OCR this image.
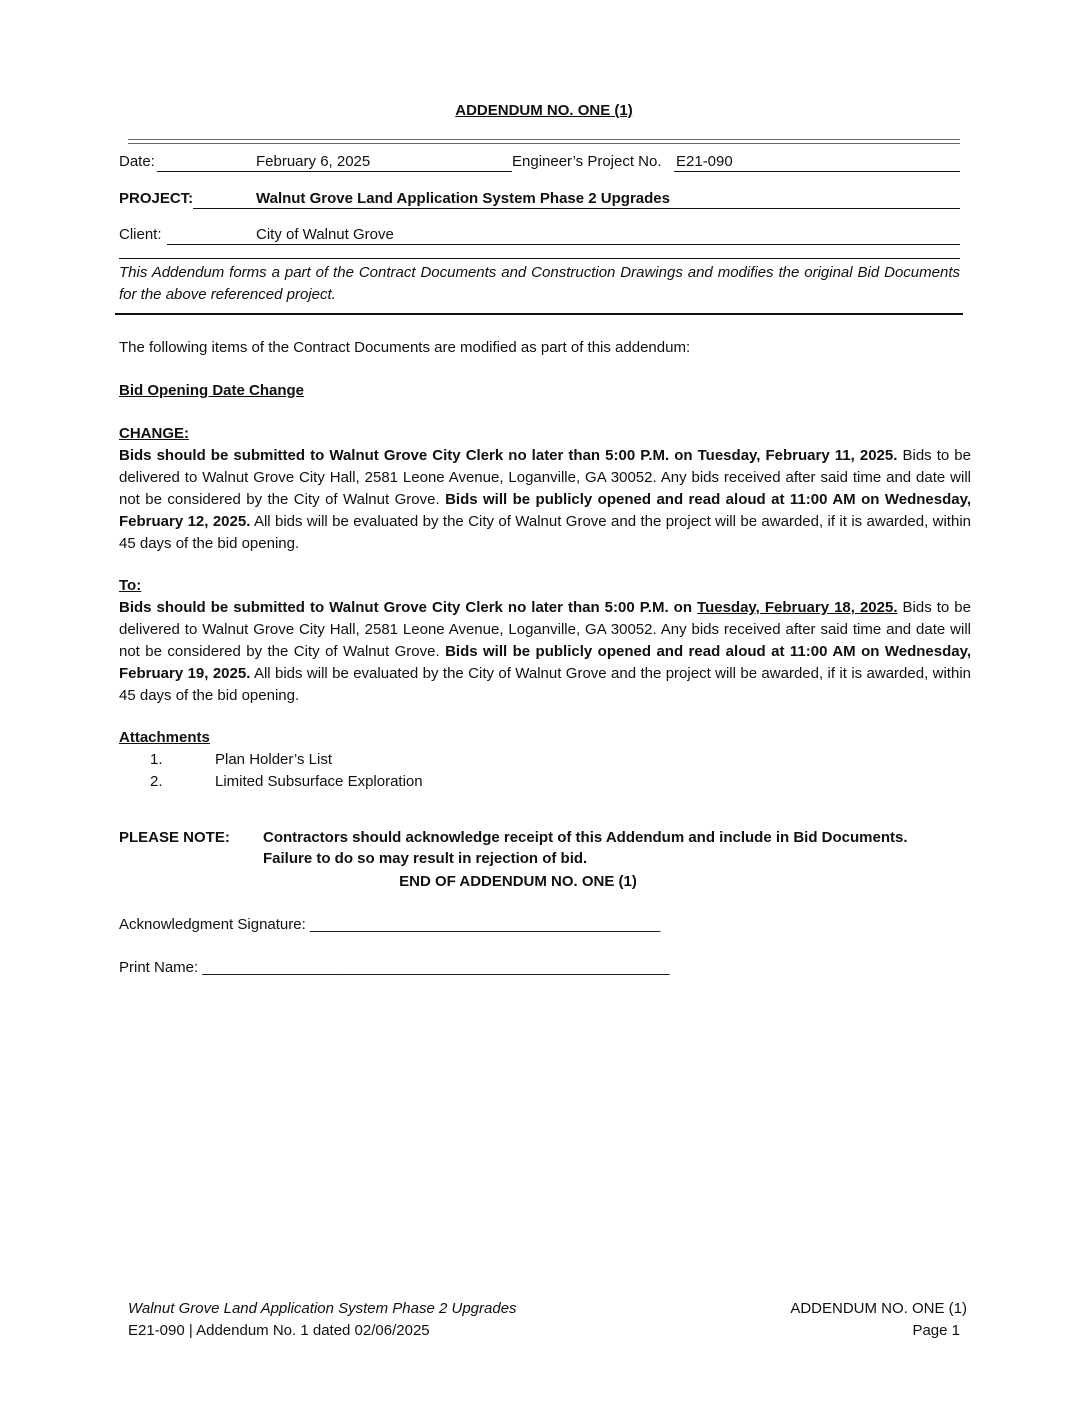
ADDENDUM NO. ONE (1)
Date:	February 6, 2025	Engineer’s Project No. E21-090
PROJECT:	Walnut Grove Land Application System Phase 2 Upgrades
Client:	City of Walnut Grove
This Addendum forms a part of the Contract Documents and Construction Drawings and modifies the original Bid Documents for the above referenced project.
The following items of the Contract Documents are modified as part of this addendum:
Bid Opening Date Change
CHANGE:
Bids should be submitted to Walnut Grove City Clerk no later than 5:00 P.M. on Tuesday, February 11, 2025. Bids to be delivered to Walnut Grove City Hall, 2581 Leone Avenue, Loganville, GA 30052. Any bids received after said time and date will not be considered by the City of Walnut Grove. Bids will be publicly opened and read aloud at 11:00 AM on Wednesday, February 12, 2025. All bids will be evaluated by the City of Walnut Grove and the project will be awarded, if it is awarded, within 45 days of the bid opening.
To:
Bids should be submitted to Walnut Grove City Clerk no later than 5:00 P.M. on Tuesday, February 18, 2025. Bids to be delivered to Walnut Grove City Hall, 2581 Leone Avenue, Loganville, GA 30052. Any bids received after said time and date will not be considered by the City of Walnut Grove. Bids will be publicly opened and read aloud at 11:00 AM on Wednesday, February 19, 2025. All bids will be evaluated by the City of Walnut Grove and the project will be awarded, if it is awarded, within 45 days of the bid opening.
Attachments
1.	Plan Holder’s List
2.	Limited Subsurface Exploration
PLEASE NOTE: Contractors should acknowledge receipt of this Addendum and include in Bid Documents.
Failure to do so may result in rejection of bid.
END OF ADDENDUM NO. ONE (1)
Acknowledgment Signature: __________________________________________
Print Name: ________________________________________________________
Walnut Grove Land Application System Phase 2 Upgrades
E21-090 | Addendum No. 1 dated 02/06/2025
ADDENDUM NO. ONE (1)
Page 1
